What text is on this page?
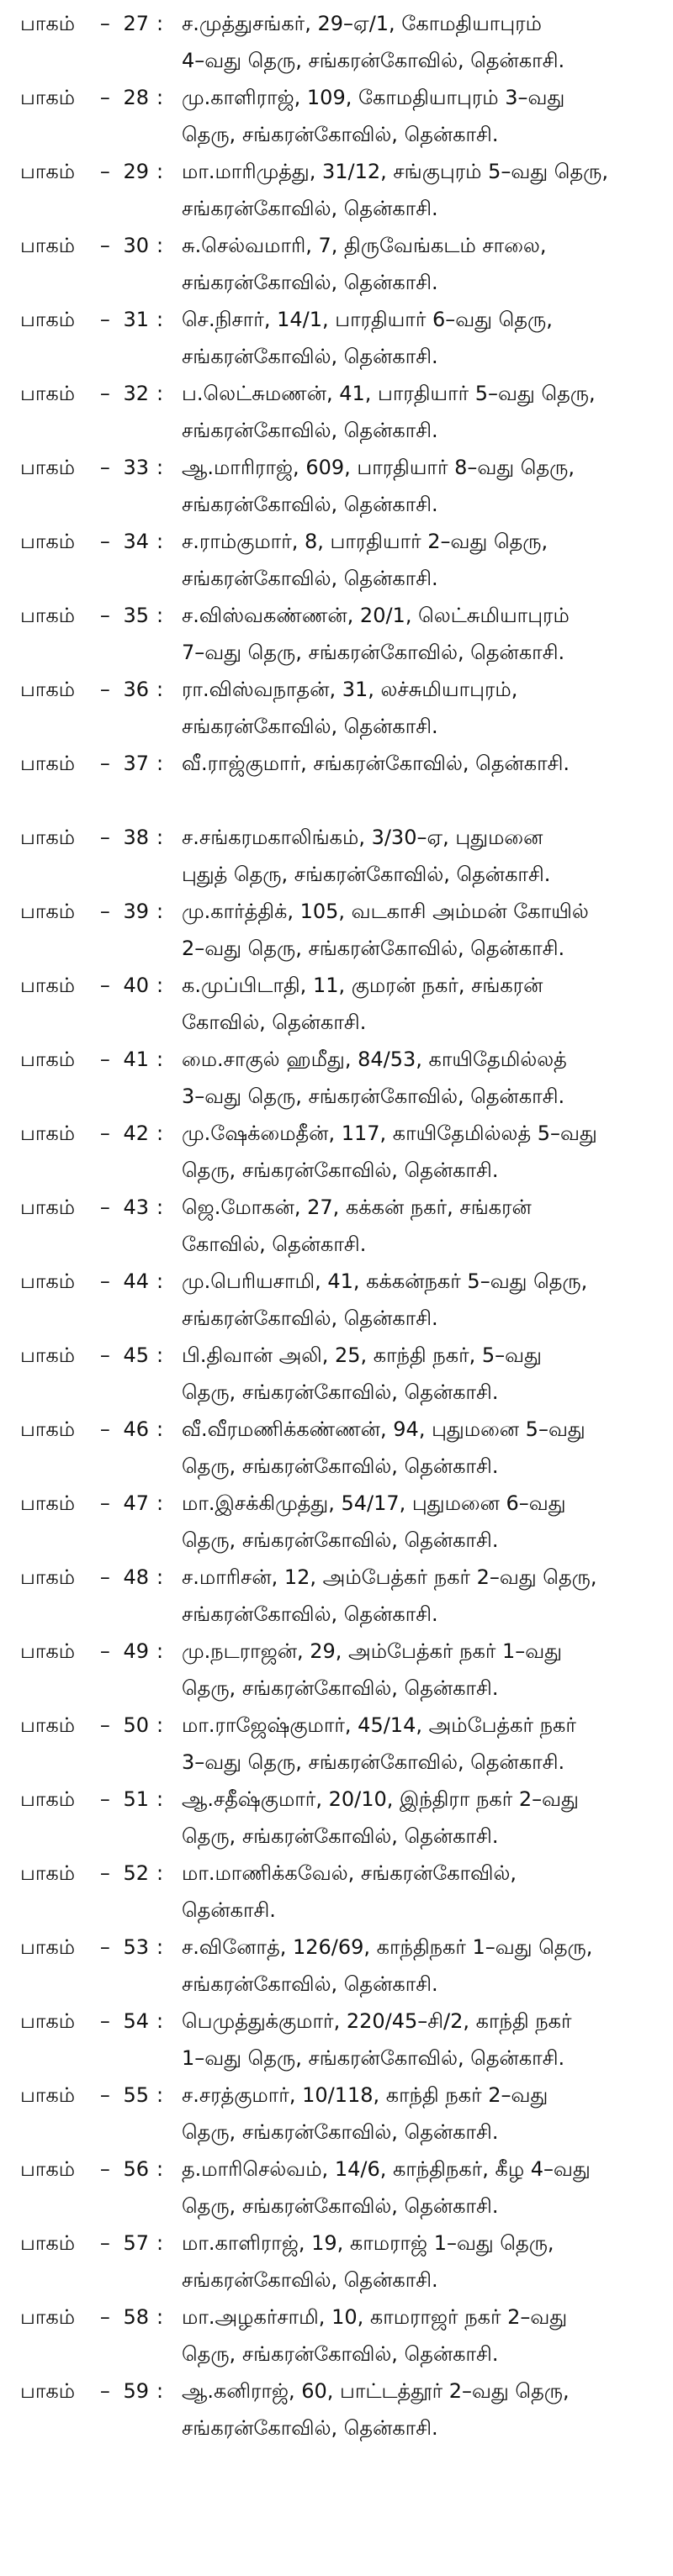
பாகம்	– 27 : ச.முத்துசங்கர், 29–ஏ/1, கோமதியாபுரம்
4–வது தெரு, சங்கரன்கோவில், தென்காசி.
பாகம்	– 28 : மு.காளிராஜ், 109, கோமதியாபுரம் 3–வது
தெரு, சங்கரன்கோவில், தென்காசி.
பாகம்	– 29 : மா.மாரிமுத்து, 31/12, சங்குபுரம் 5–வது தெரு,
சங்கரன்கோவில், தென்காசி.
பாகம்	– 30 : சு.செல்வமாரி, 7, திருவேங்கடம் சாலை,
சங்கரன்கோவில், தென்காசி.
பாகம்	– 31 : செ.நிசார், 14/1, பாரதியார் 6–வது தெரு,
சங்கரன்கோவில், தென்காசி.
பாகம்	– 32 : ப.லெட்சுமணன், 41, பாரதியார் 5–வது தெரு,
சங்கரன்கோவில், தென்காசி.
பாகம்	– 33 : ஆ.மாரிராஜ், 609, பாரதியார் 8–வது தெரு,
சங்கரன்கோவில், தென்காசி.
பாகம்	– 34 : ச.ராம்குமார், 8, பாரதியார் 2–வது தெரு,
சங்கரன்கோவில், தென்காசி.
பாகம்	– 35 : ச.விஸ்வகண்ணன், 20/1, லெட்சுமியாபுரம்
7–வது தெரு, சங்கரன்கோவில், தென்காசி.
பாகம்	– 36 : ரா.விஸ்வநாதன், 31, லச்சுமியாபுரம்,
சங்கரன்கோவில், தென்காசி.
பாகம்	– 37 : வீ.ராஜ்குமார், சங்கரன்கோவில், தென்காசி.
பாகம்	– 38 : ச.சங்கரமகாலிங்கம், 3/30–ஏ, புதுமனை
புதுத் தெரு, சங்கரன்கோவில், தென்காசி.
பாகம்	– 39 : மு.கார்த்திக், 105, வடகாசி அம்மன் கோயில்
2–வது தெரு, சங்கரன்கோவில், தென்காசி.
பாகம்	– 40 : க.முப்பிடாதி, 11, குமரன் நகர், சங்கரன்
கோவில், தென்காசி.
பாகம்	– 41 : மை.சாகுல் ஹமீது, 84/53, காயிதேமில்லத்
3–வது தெரு, சங்கரன்கோவில், தென்காசி.
பாகம்	– 42 : மு.ஷேக்மைதீன், 117, காயிதேமில்லத் 5–வது
தெரு, சங்கரன்கோவில், தென்காசி.
பாகம்	– 43 : ஜெ.மோகன், 27, கக்கன் நகர், சங்கரன்
கோவில், தென்காசி.
பாகம்	– 44 : மு.பெரியசாமி, 41, கக்கன்நகர் 5–வது தெரு,
சங்கரன்கோவில், தென்காசி.
பாகம்	– 45 : பி.திவான் அலி, 25, காந்தி நகர், 5–வது
தெரு, சங்கரன்கோவில், தென்காசி.
பாகம்	– 46 : வீ.வீரமணிக்கண்ணன், 94, புதுமனை 5–வது
தெரு, சங்கரன்கோவில், தென்காசி.
பாகம்	– 47 : மா.இசக்கிமுத்து, 54/17, புதுமனை 6–வது
தெரு, சங்கரன்கோவில், தென்காசி.
பாகம்	– 48 : ச.மாரிசன், 12, அம்பேத்கர் நகர் 2–வது தெரு,
சங்கரன்கோவில், தென்காசி.
பாகம்	– 49 : மு.நடராஜன், 29, அம்பேத்கர் நகர் 1–வது
தெரு, சங்கரன்கோவில், தென்காசி.
பாகம்	– 50 : மா.ராஜேஷ்குமார், 45/14, அம்பேத்கர் நகர்
3–வது தெரு, சங்கரன்கோவில், தென்காசி.
பாகம்	– 51 : ஆ.சதீஷ்குமார், 20/10, இந்திரா நகர் 2–வது
தெரு, சங்கரன்கோவில், தென்காசி.
பாகம்	– 52 : மா.மாணிக்கவேல், சங்கரன்கோவில்,
தென்காசி.
பாகம்	– 53 : ச.வினோத், 126/69, காந்திநகர் 1–வது தெரு,
சங்கரன்கோவில், தென்காசி.
பாகம்	– 54 : பெமுத்துக்குமார், 220/45–சி/2, காந்தி நகர்
1–வது தெரு, சங்கரன்கோவில், தென்காசி.
பாகம்	– 55 : ச.சரத்குமார், 10/118, காந்தி நகர் 2–வது
தெரு, சங்கரன்கோவில், தென்காசி.
பாகம்	– 56 : த.மாரிசெல்வம், 14/6, காந்திநகர், கீழ 4–வது
தெரு, சங்கரன்கோவில், தென்காசி.
பாகம்	– 57 : மா.காளிராஜ், 19, காமராஜ் 1–வது தெரு,
சங்கரன்கோவில், தென்காசி.
பாகம்	– 58 : மா.அழகர்சாமி, 10, காமராஜர் நகர் 2–வது
தெரு, சங்கரன்கோவில், தென்காசி.
பாகம்	– 59 : ஆ.கனிராஜ், 60, பாட்டத்தூர் 2–வது தெரு,
சங்கரன்கோவில், தென்காசி.
